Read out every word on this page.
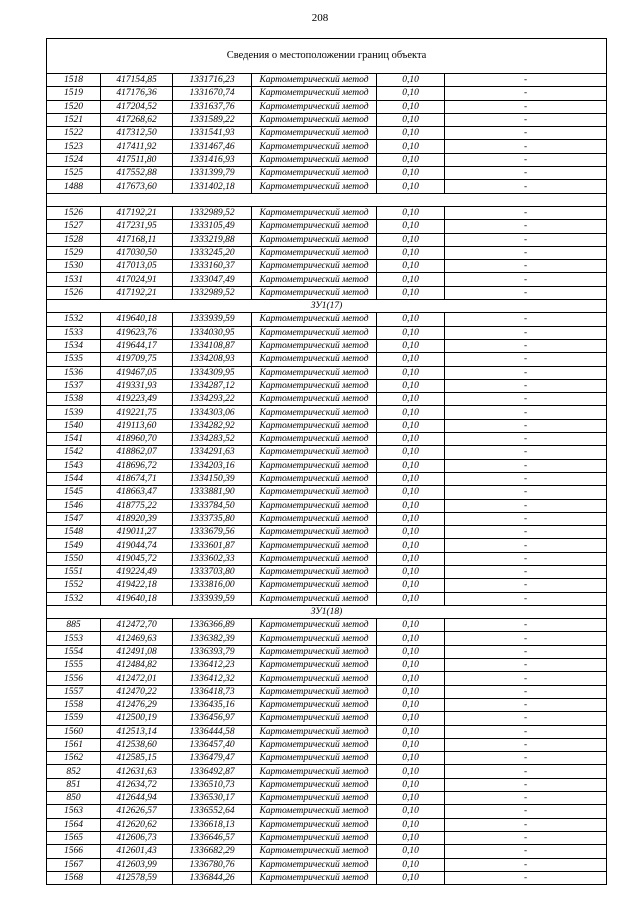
208
Сведения о местоположении границ объекта					
1518	417154,85	1331716,23	Картометрический метод	0,10	-
1519	417176,36	1331670,74	Картометрический метод	0,10	-
1520	417204,52	1331637,76	Картометрический метод	0,10	-
1521	417268,62	1331589,22	Картометрический метод	0,10	-
1522	417312,50	1331541,93	Картометрический метод	0,10	-
1523	417411,92	1331467,46	Картометрический метод	0,10	-
1524	417511,80	1331416,93	Картометрический метод	0,10	-
1525	417552,88	1331399,79	Картометрический метод	0,10	-
1488	417673,60	1331402,18	Картометрический метод	0,10	-

1526	417192,21	1332989,52	Картометрический метод	0,10	-
1527	417231,95	1333105,49	Картометрический метод	0,10	-
1528	417168,11	1333219,88	Картометрический метод	0,10	-
1529	417030,50	1333245,20	Картометрический метод	0,10	-
1530	417013,05	1333160,37	Картометрический метод	0,10	-
1531	417024,91	1333047,49	Картометрический метод	0,10	-
1526	417192,21	1332989,52	Картометрический метод	0,10	-
ЗУ1(17)					
1532	419640,18	1333939,59	Картометрический метод	0,10	-
1533	419623,76	1334030,95	Картометрический метод	0,10	-
1534	419644,17	1334108,87	Картометрический метод	0,10	-
1535	419709,75	1334208,93	Картометрический метод	0,10	-
1536	419467,05	1334309,95	Картометрический метод	0,10	-
1537	419331,93	1334287,12	Картометрический метод	0,10	-
1538	419223,49	1334293,22	Картометрический метод	0,10	-
1539	419221,75	1334303,06	Картометрический метод	0,10	-
1540	419113,60	1334282,92	Картометрический метод	0,10	-
1541	418960,70	1334283,52	Картометрический метод	0,10	-
1542	418862,07	1334291,63	Картометрический метод	0,10	-
1543	418696,72	1334203,16	Картометрический метод	0,10	-
1544	418674,71	1334150,39	Картометрический метод	0,10	-
1545	418663,47	1333881,90	Картометрический метод	0,10	-
1546	418775,22	1333784,50	Картометрический метод	0,10	-
1547	418920,39	1333735,80	Картометрический метод	0,10	-
1548	419011,27	1333679,56	Картометрический метод	0,10	-
1549	419044,74	1333601,87	Картометрический метод	0,10	-
1550	419045,72	1333602,33	Картометрический метод	0,10	-
1551	419224,49	1333703,80	Картометрический метод	0,10	-
1552	419422,18	1333816,00	Картометрический метод	0,10	-
1532	419640,18	1333939,59	Картометрический метод	0,10	-
ЗУ1(18)					
885	412472,70	1336366,89	Картометрический метод	0,10	-
1553	412469,63	1336382,39	Картометрический метод	0,10	-
1554	412491,08	1336393,79	Картометрический метод	0,10	-
1555	412484,82	1336412,23	Картометрический метод	0,10	-
1556	412472,01	1336412,32	Картометрический метод	0,10	-
1557	412470,22	1336418,73	Картометрический метод	0,10	-
1558	412476,29	1336435,16	Картометрический метод	0,10	-
1559	412500,19	1336456,97	Картометрический метод	0,10	-
1560	412513,14	1336444,58	Картометрический метод	0,10	-
1561	412538,60	1336457,40	Картометрический метод	0,10	-
1562	412585,15	1336479,47	Картометрический метод	0,10	-
852	412631,63	1336492,87	Картометрический метод	0,10	-
851	412634,72	1336510,73	Картометрический метод	0,10	-
850	412644,94	1336530,17	Картометрический метод	0,10	-
1563	412626,57	1336552,64	Картометрический метод	0,10	-
1564	412620,62	1336618,13	Картометрический метод	0,10	-
1565	412606,73	1336646,57	Картометрический метод	0,10	-
1566	412601,43	1336682,29	Картометрический метод	0,10	-
1567	412603,99	1336780,76	Картометрический метод	0,10	-
1568	412578,59	1336844,26	Картометрический метод	0,10	-
